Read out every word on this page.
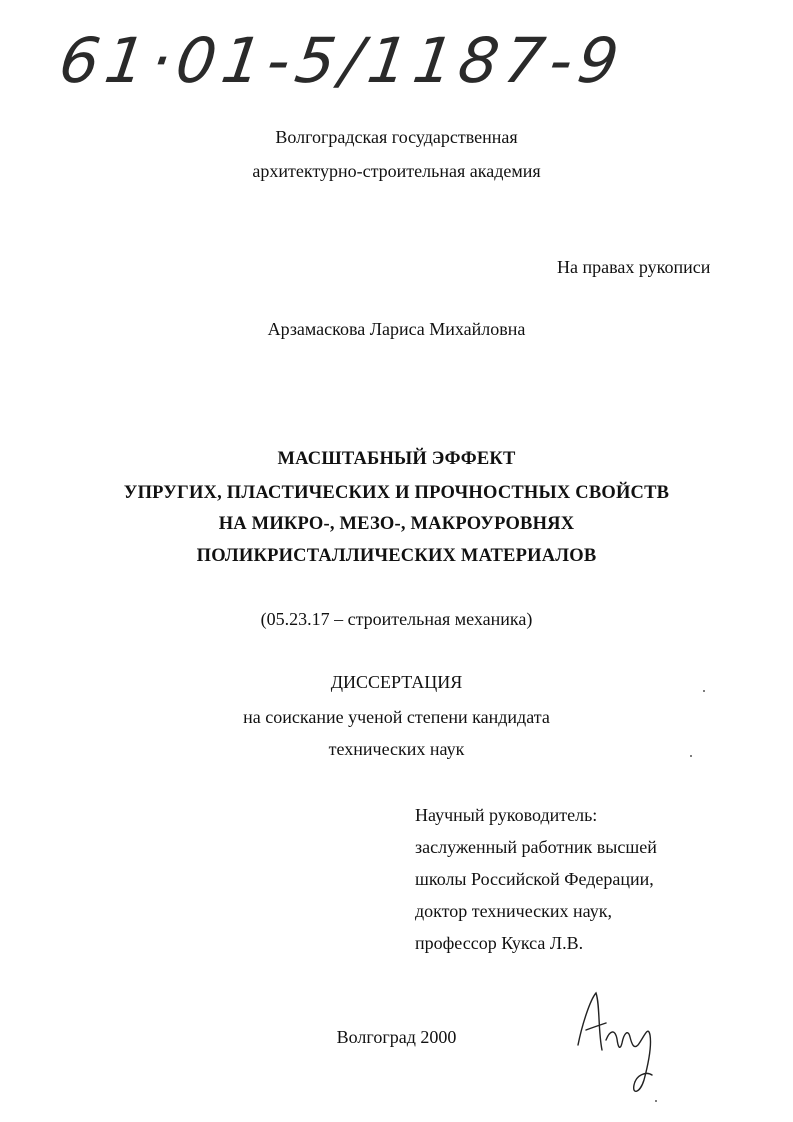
61·01-5/1187-9
Волгоградская государственная
архитектурно-строительная академия
На правах рукописи
Арзамаскова Лариса Михайловна
МАСШТАБНЫЙ ЭФФЕКТ
УПРУГИХ, ПЛАСТИЧЕСКИХ И ПРОЧНОСТНЫХ СВОЙСТВ
НА МИКРО-, МЕЗО-, МАКРОУРОВНЯХ
ПОЛИКРИСТАЛЛИЧЕСКИХ МАТЕРИАЛОВ
(05.23.17 – строительная механика)
ДИССЕРТАЦИЯ
на соискание ученой степени кандидата
технических наук
Научный руководитель:
заслуженный работник высшей
школы Российской Федерации,
доктор технических наук,
профессор Кукса Л.В.
Волгоград 2000
